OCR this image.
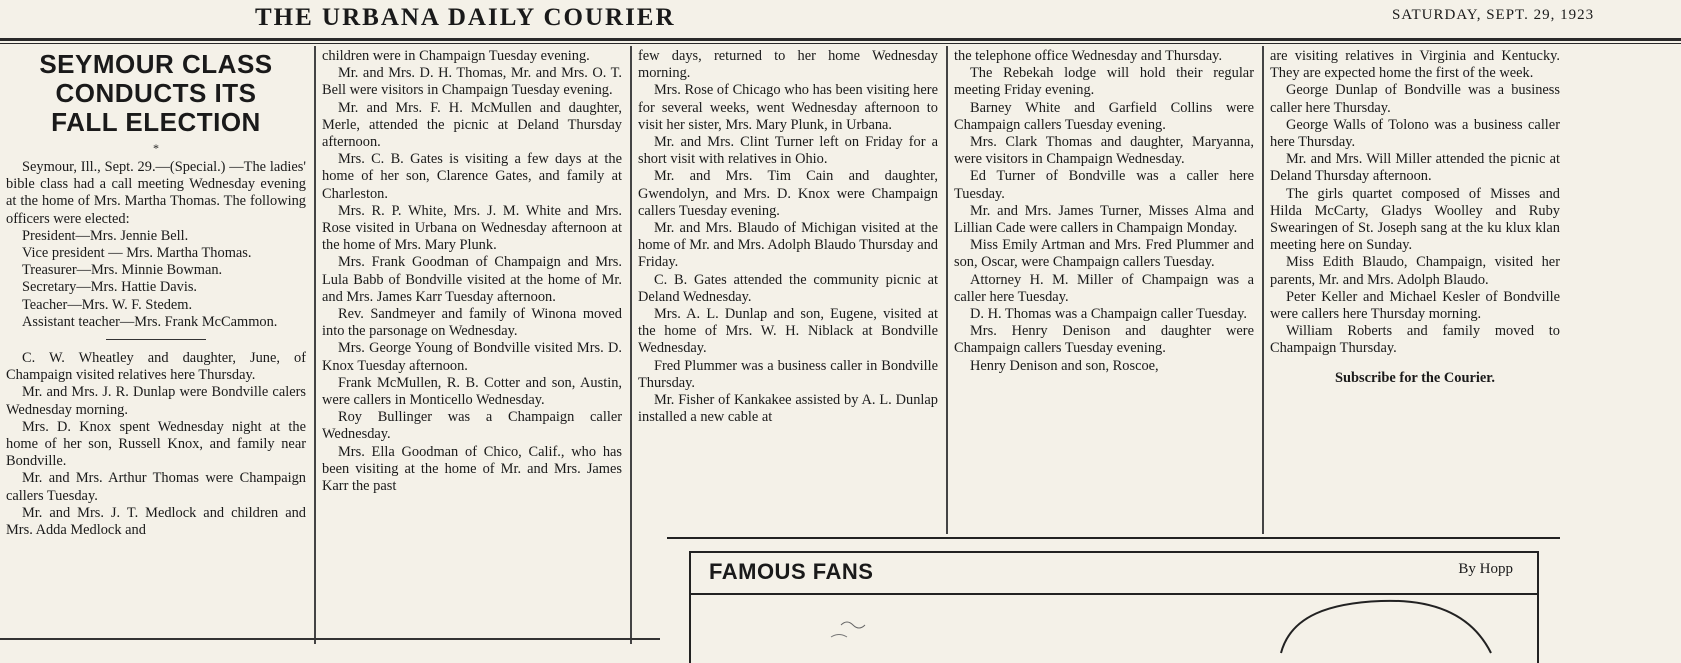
THE URBANA DAILY COURIER	SATURDAY, SEPT. 29, 1923
SEYMOUR CLASS
CONDUCTS ITS
FALL ELECTION
*

Seymour, Ill., Sept. 29.—(Special.) —The ladies' bible class had a call meeting Wednesday evening at the home of Mrs. Martha Thomas. The following officers were elected:

President—Mrs. Jennie Bell.

Vice president — Mrs. Martha Thomas.

Treasurer—Mrs. Minnie Bowman.

Secretary—Mrs. Hattie Davis.

Teacher—Mrs. W. F. Stedem.

Assistant teacher—Mrs. Frank McCammon.

C. W. Wheatley and daughter, June, of Champaign visited relatives here Thursday.

Mr. and Mrs. J. R. Dunlap were Bondville calers Wednesday morning.

Mrs. D. Knox spent Wednesday night at the home of her son, Russell Knox, and family near Bondville.

Mr. and Mrs. Arthur Thomas were Champaign callers Tuesday.

Mr. and Mrs. J. T. Medlock and children and Mrs. Adda Medlock and

children were in Champaign Tuesday evening.

Mr. and Mrs. D. H. Thomas, Mr. and Mrs. O. T. Bell were visitors in Champaign Tuesday evening.

Mr. and Mrs. F. H. McMullen and daughter, Merle, attended the picnic at Deland Thursday afternoon.

Mrs. C. B. Gates is visiting a few days at the home of her son, Clarence Gates, and family at Charleston.

Mrs. R. P. White, Mrs. J. M. White and Mrs. Rose visited in Urbana on Wednesday afternoon at the home of Mrs. Mary Plunk.

Mrs. Frank Goodman of Champaign and Mrs. Lula Babb of Bondville visited at the home of Mr. and Mrs. James Karr Tuesday afternoon.

Rev. Sandmeyer and family of Winona moved into the parsonage on Wednesday.

Mrs. George Young of Bondville visited Mrs. D. Knox Tuesday afternoon.

Frank McMullen, R. B. Cotter and son, Austin, were callers in Monticello Wednesday.

Roy Bullinger was a Champaign caller Wednesday.

Mrs. Ella Goodman of Chico, Calif., who has been visiting at the home of Mr. and Mrs. James Karr the past

few days, returned to her home Wednesday morning.

Mrs. Rose of Chicago who has been visiting here for several weeks, went Wednesday afternoon to visit her sister, Mrs. Mary Plunk, in Urbana.

Mr. and Mrs. Clint Turner left on Friday for a short visit with relatives in Ohio.

Mr. and Mrs. Tim Cain and daughter, Gwendolyn, and Mrs. D. Knox were Champaign callers Tuesday evening.

Mr. and Mrs. Blaudo of Michigan visited at the home of Mr. and Mrs. Adolph Blaudo Thursday and Friday.

C. B. Gates attended the community picnic at Deland Wednesday.

Mrs. A. L. Dunlap and son, Eugene, visited at the home of Mrs. W. H. Niblack at Bondville Wednesday.

Fred Plummer was a business caller in Bondville Thursday.

Mr. Fisher of Kankakee assisted by A. L. Dunlap installed a new cable at

the telephone office Wednesday and Thursday.

The Rebekah lodge will hold their regular meeting Friday evening.

Barney White and Garfield Collins were Champaign callers Tuesday evening.

Mrs. Clark Thomas and daughter, Maryanna, were visitors in Champaign Wednesday.

Ed Turner of Bondville was a caller here Tuesday.

Mr. and Mrs. James Turner, Misses Alma and Lillian Cade were callers in Champaign Monday.

Miss Emily Artman and Mrs. Fred Plummer and son, Oscar, were Champaign callers Tuesday.

Attorney H. M. Miller of Champaign was a caller here Tuesday.

D. H. Thomas was a Champaign caller Tuesday.

Mrs. Henry Denison and daughter were Champaign callers Tuesday evening.

Henry Denison and son, Roscoe,

are visiting relatives in Virginia and Kentucky. They are expected home the first of the week.

George Dunlap of Bondville was a business caller here Thursday.

George Walls of Tolono was a business caller here Thursday.

Mr. and Mrs. Will Miller attended the picnic at Deland Thursday afternoon.

The girls quartet composed of Misses and Hilda McCarty, Gladys Woolley and Ruby Swearingen of St. Joseph sang at the ku klux klan meeting here on Sunday.

Miss Edith Blaudo, Champaign, visited her parents, Mr. and Mrs. Adolph Blaudo.

Peter Keller and Michael Kesler of Bondville were callers here Thursday morning.

William Roberts and family moved to Champaign Thursday.

Subscribe for the Courier.

FAMOUS FANS	By Hopp
